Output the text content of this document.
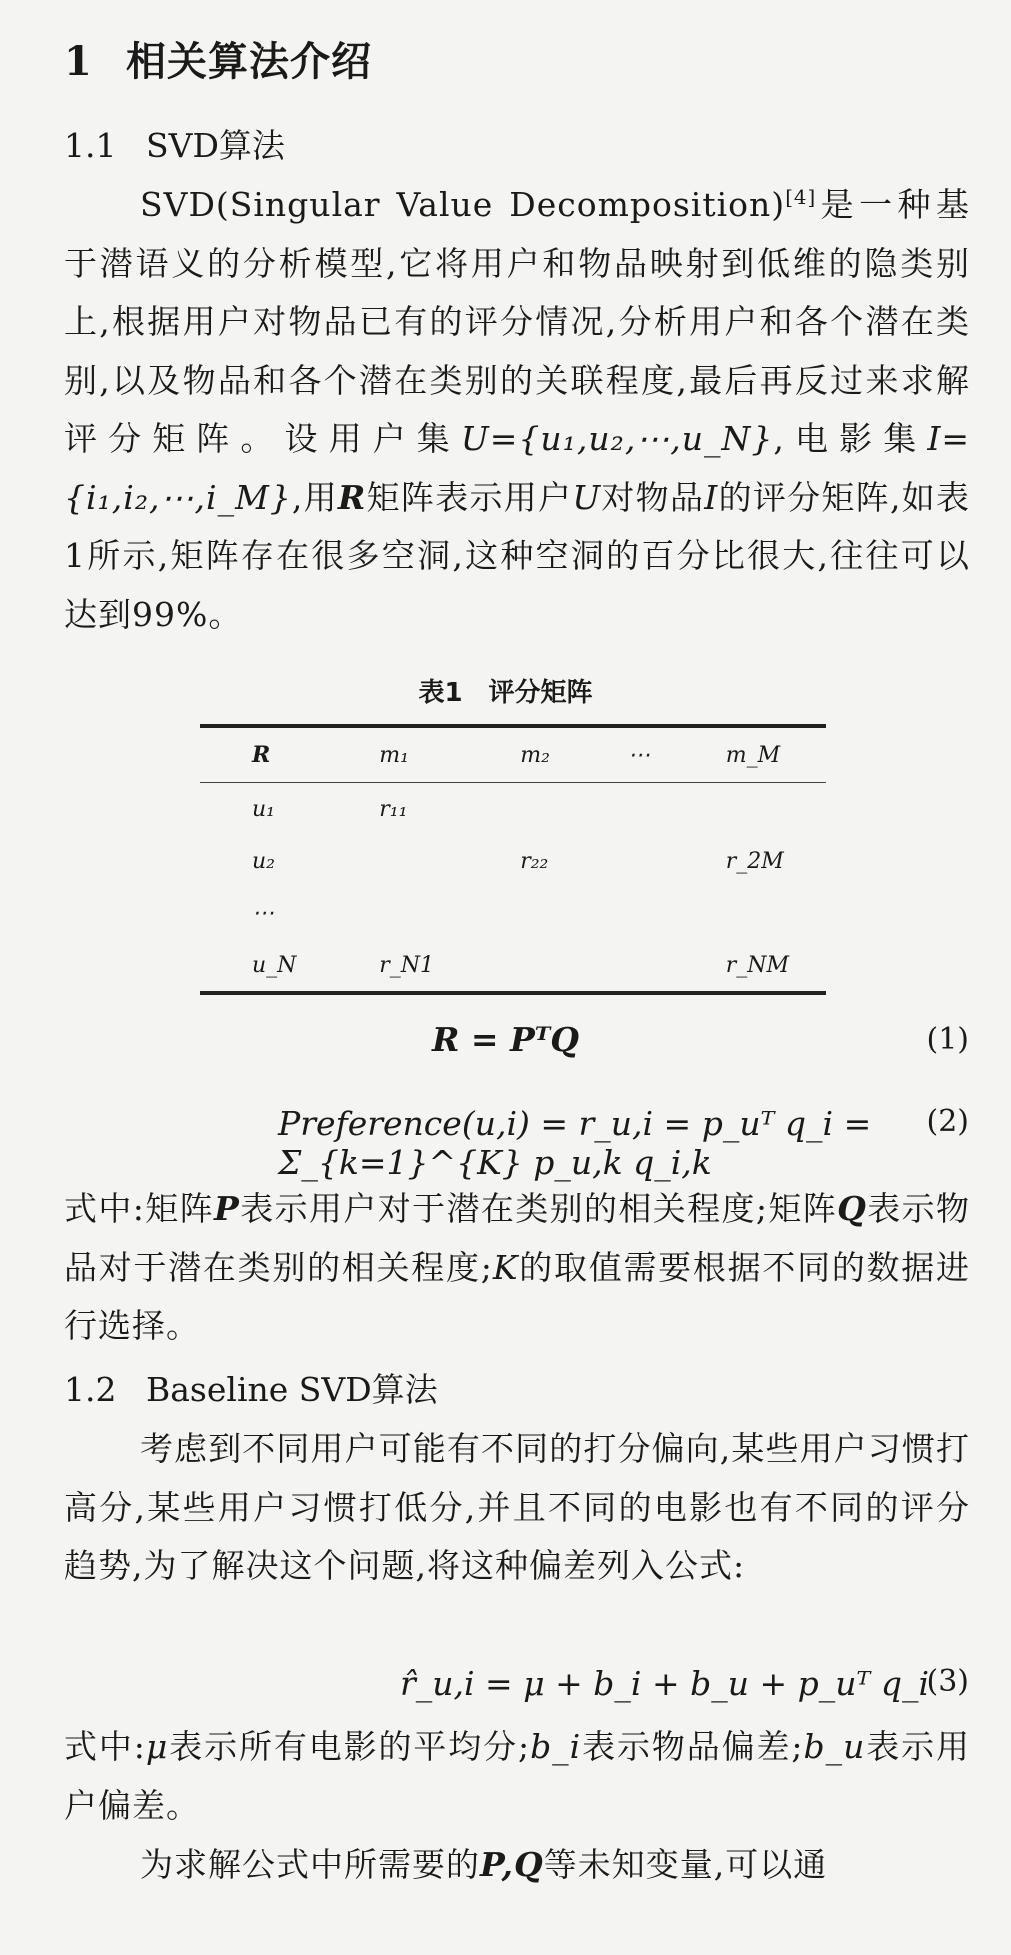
1 相关算法介绍
1.1 SVD算法

SVD(Singular Value Decomposition)[4]是一种基于潜语义的分析模型,它将用户和物品映射到低维的隐类别上,根据用户对物品已有的评分情况,分析用户和各个潜在类别,以及物品和各个潜在类别的关联程度,最后再反过来求解评分矩阵。设用户集U={u₁,u₂,⋯,u_N},电影集I={i₁,i₂,⋯,i_M},用R矩阵表示用户U对物品I的评分矩阵,如表1所示,矩阵存在很多空洞,这种空洞的百分比很大,往往可以达到99%。

表1　评分矩阵
R	m₁	m₂	⋯	m_M
u₁	r₁₁			
u₂		r₂₂		r_2M
⋯				
u_N	r_N1			r_NM
R = PᵀQ	(1)
Preference(u,i) = r_u,i = p_uᵀ q_i = Σ_{k=1}^{K} p_u,k q_i,k
(2)

式中:矩阵P表示用户对于潜在类别的相关程度;矩阵Q表示物品对于潜在类别的相关程度;K的取值需要根据不同的数据进行选择。

1.2 Baseline SVD算法

考虑到不同用户可能有不同的打分偏向,某些用户习惯打高分,某些用户习惯打低分,并且不同的电影也有不同的评分趋势,为了解决这个问题,将这种偏差列入公式:

r̂_u,i = μ + b_i + b_u + p_uᵀ q_i
(3)

式中:μ表示所有电影的平均分;b_i表示物品偏差;b_u表示用户偏差。

为求解公式中所需要的P,Q等未知变量,可以通
